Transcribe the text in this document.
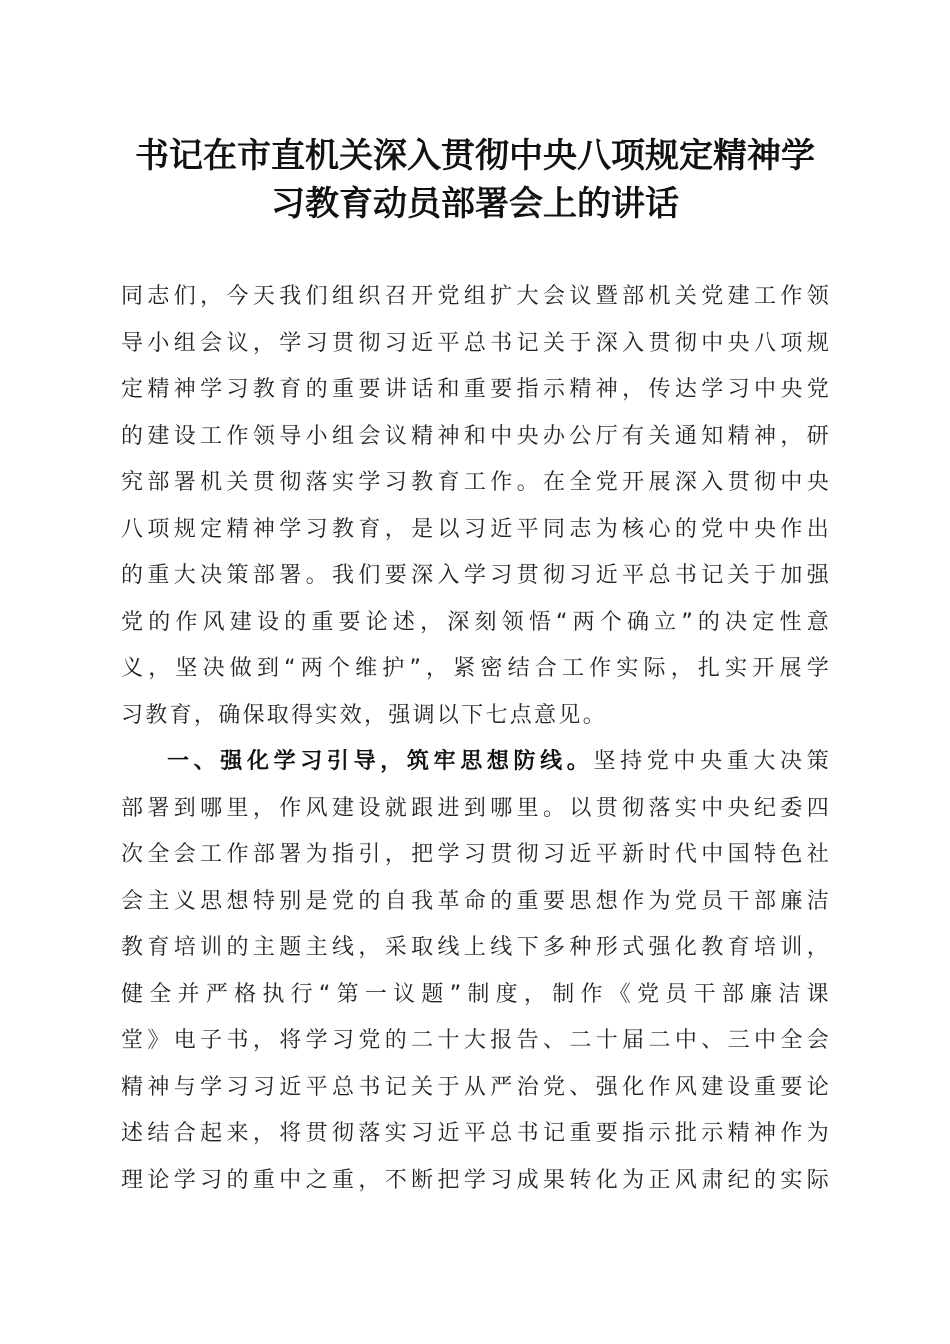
书记在市直机关深入贯彻中央八项规定精神学
习教育动员部署会上的讲话
同志们，今天我们组织召开党组扩大会议暨部机关党建工作领
导小组会议，学习贯彻习近平总书记关于深入贯彻中央八项规
定精神学习教育的重要讲话和重要指示精神，传达学习中央党
的建设工作领导小组会议精神和中央办公厅有关通知精神，研
究部署机关贯彻落实学习教育工作。在全党开展深入贯彻中央
八项规定精神学习教育，是以习近平同志为核心的党中央作出
的重大决策部署。我们要深入学习贯彻习近平总书记关于加强
党的作风建设的重要论述，深刻领悟“两个确立”的决定性意
义，坚决做到“两个维护”，紧密结合工作实际，扎实开展学
习教育，确保取得实效，强调以下七点意见。
一、强化学习引导，筑牢思想防线。坚持党中央重大决策
部署到哪里，作风建设就跟进到哪里。以贯彻落实中央纪委四
次全会工作部署为指引，把学习贯彻习近平新时代中国特色社
会主义思想特别是党的自我革命的重要思想作为党员干部廉洁
教育培训的主题主线，采取线上线下多种形式强化教育培训，
健全并严格执行“第一议题”制度，制作《党员干部廉洁课
堂》电子书，将学习党的二十大报告、二十届二中、三中全会
精神与学习习近平总书记关于从严治党、强化作风建设重要论
述结合起来，将贯彻落实习近平总书记重要指示批示精神作为
理论学习的重中之重，不断把学习成果转化为正风肃纪的实际
